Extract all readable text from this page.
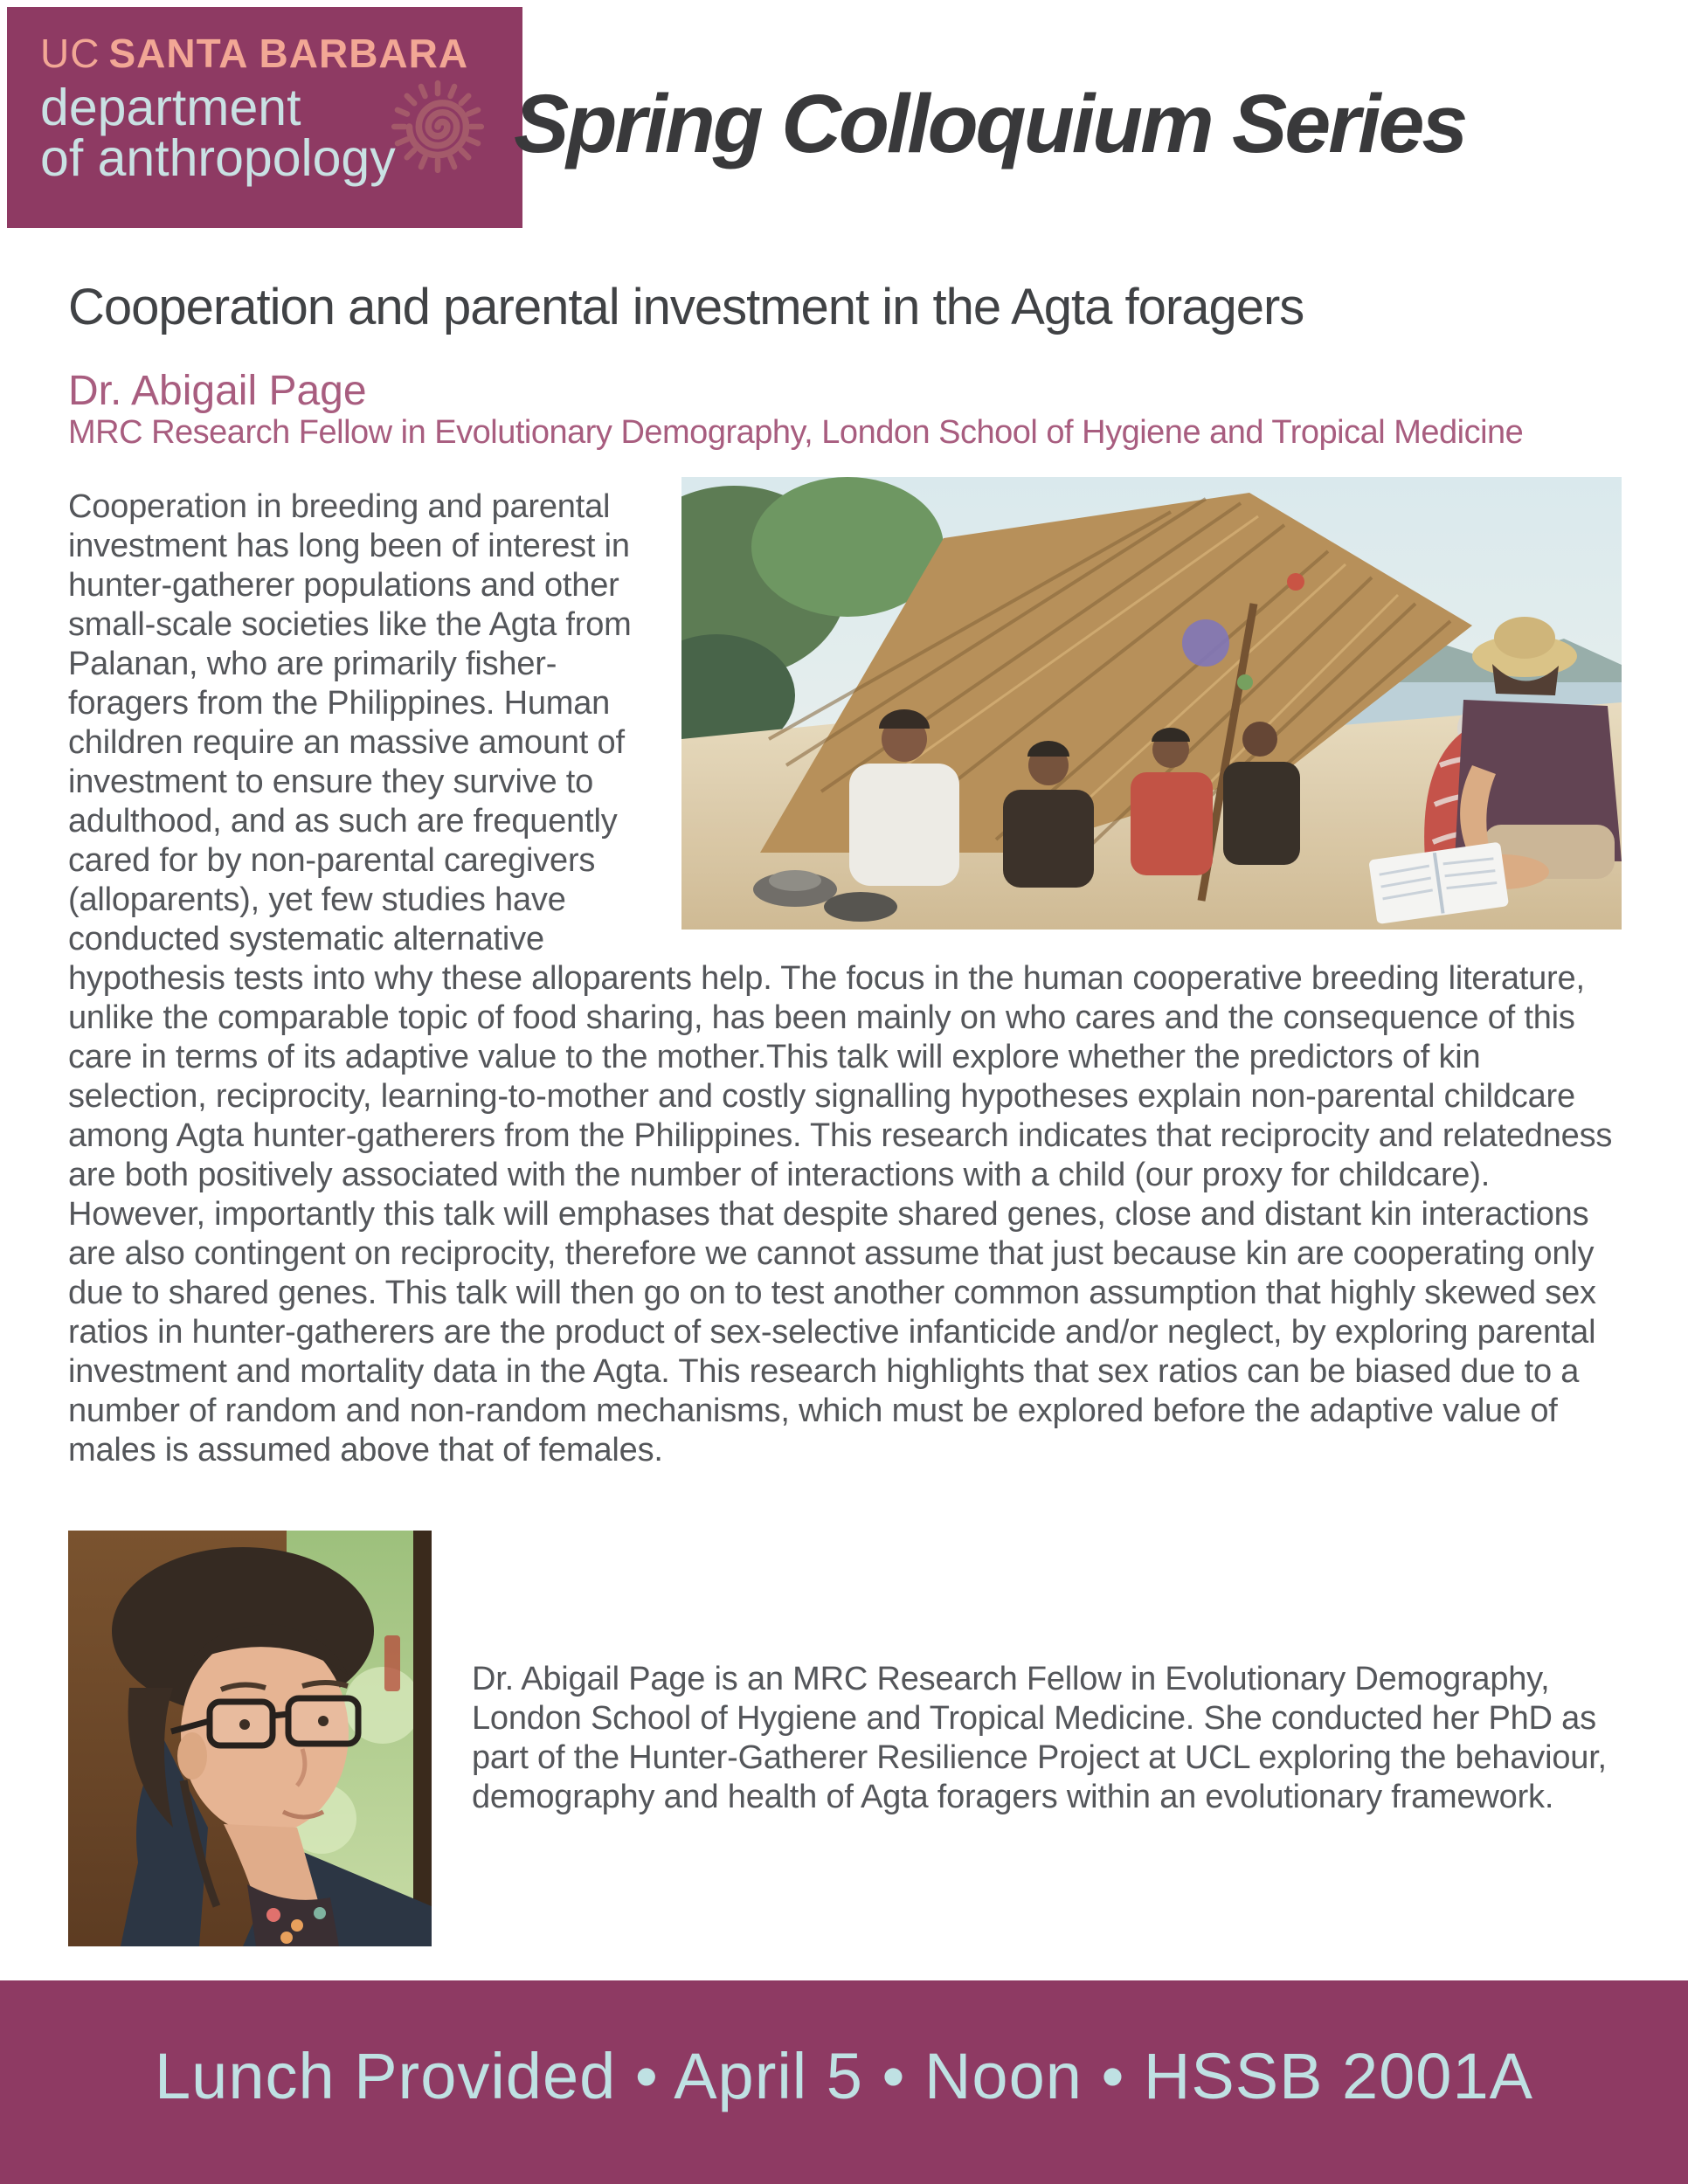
UC SANTA BARBARA
department
of anthropology Spring Colloquium Series
Cooperation and parental investment in the Agta foragers
Dr. Abigail Page
MRC Research Fellow in Evolutionary Demography, London School of Hygiene and Tropical Medicine

Cooperation in breeding and parental investment has long been of interest in hunter-gatherer populations and other small-scale societies like the Agta from Palanan, who are primarily fisher-foragers from the Philippines. Human children require an massive amount of investment to ensure they survive to adulthood, and as such are frequently cared for by non-parental caregivers (alloparents), yet few studies have conducted systematic alternative hypothesis tests into why these alloparents help. The focus in the human cooperative breeding literature, unlike the comparable topic of food sharing, has been mainly on who cares and the consequence of this care in terms of its adaptive value to the mother.This talk will explore whether the predictors of kin selection, reciprocity, learning-to-mother and costly signalling hypotheses explain non-parental childcare among Agta hunter-gatherers from the Philippines. This research indicates that reciprocity and relatedness are both positively associated with the number of interactions with a child (our proxy for childcare). However, importantly this talk will emphases that despite shared genes, close and distant kin interactions are also contingent on reciprocity, therefore we cannot assume that just because kin are cooperating only due to shared genes. This talk will then go on to test another common assumption that highly skewed sex ratios in hunter-gatherers are the product of sex-selective infanticide and/or neglect, by exploring parental investment and mortality data in the Agta. This research highlights that sex ratios can be biased due to a number of random and non-random mechanisms, which must be explored before the adaptive value of males is assumed above that of females.

Dr. Abigail Page is an MRC Research Fellow in Evolutionary Demography, London School of Hygiene and Tropical Medicine. She conducted her PhD as part of the Hunter-Gatherer Resilience Project at UCL exploring the behaviour, demography and health of Agta foragers within an evolutionary framework.

Lunch Provided • April 5 • Noon • HSSB 2001A
